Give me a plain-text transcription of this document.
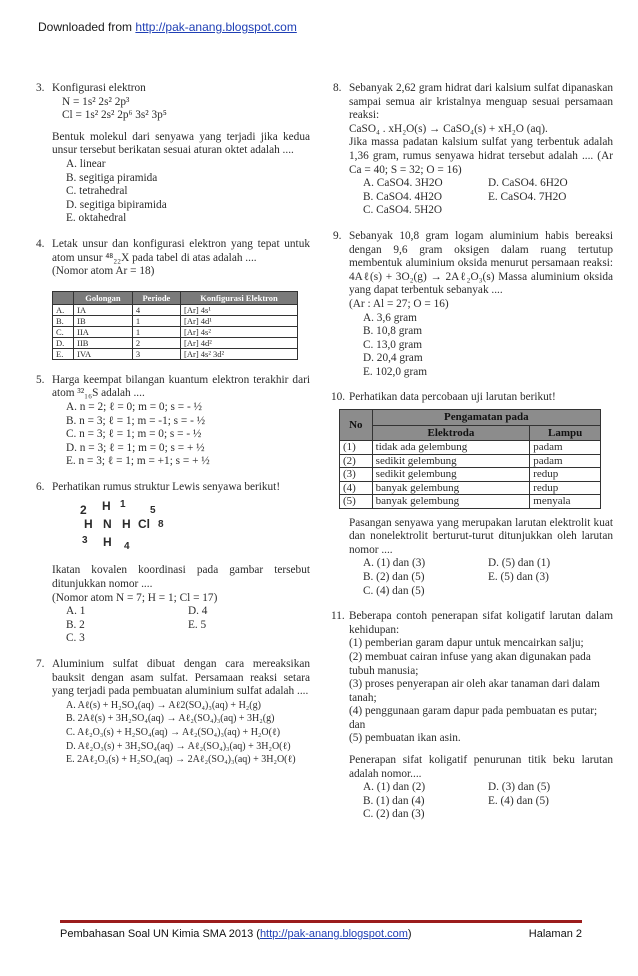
Downloaded from http://pak-anang.blogspot.com
3. Konfigurasi elektron
N = 1s² 2s² 2p³
Cl = 1s² 2s² 2p⁶ 3s² 3p⁵
Bentuk molekul dari senyawa yang terjadi jika kedua unsur tersebut berikatan sesuai aturan oktet adalah ....
A. linear
B. segitiga piramida
C. tetrahedral
D. segitiga bipiramida
E. oktahedral
4. Letak unsur dan konfigurasi elektron yang tepat untuk atom unsur ⁴⁸₂₂X pada tabel di atas adalah ....
(Nomor atom Ar = 18)
	Golongan	Periode	Konfigurasi Elektron
A.	IA	4	[Ar] 4s¹
B.	IB	1	[Ar] 4d¹
C.	IIA	1	[Ar] 4s²
D.	IIB	2	[Ar] 4d²
E.	IVA	3	[Ar] 4s² 3d²
5. Harga keempat bilangan kuantum elektron terakhir dari atom ³²₁₆S adalah ....
A. n = 2; ℓ = 0; m = 0; s = - ½
B. n = 3; ℓ = 1; m = -1; s = - ½
C. n = 3; ℓ = 1; m = 0; s = - ½
D. n = 3; ℓ = 1; m = 0; s = + ½
E. n = 3; ℓ = 1; m = +1; s = + ½
6. Perhatikan rumus struktur Lewis senyawa berikut!
2 H 1
5
H N H Cl 8
3 H 4
Ikatan kovalen koordinasi pada gambar tersebut ditunjukkan nomor ....
(Nomor atom N = 7; H = 1; Cl = 17)
A. 1	D. 4
B. 2	E. 5
C. 3
7. Aluminium sulfat dibuat dengan cara mereaksikan bauksit dengan asam sulfat. Persamaan reaksi setara yang terjadi pada pembuatan aluminium sulfat adalah ....
A. Aℓ(s) + H₂SO₄(aq) → Aℓ2(SO₄)₃(aq) + H₂(g)
B. 2Aℓ(s) + 3H₂SO₄(aq) → Aℓ₂(SO₄)₃(aq) + 3H₂(g)
C. Aℓ₂O₃(s) + H₂SO₄(aq) → Aℓ₂(SO₄)₃(aq) + H₂O(ℓ)
D. Aℓ₂O₃(s) + 3H₂SO₄(aq) → Aℓ₂(SO₄)₃(aq) + 3H₂O(ℓ)
E. 2Aℓ₂O₃(s) + H₂SO₄(aq) → 2Aℓ₂(SO₄)₃(aq) + 3H₂O(ℓ)
8. Sebanyak 2,62 gram hidrat dari kalsium sulfat dipanaskan sampai semua air kristalnya menguap sesuai persamaan reaksi:
CaSO₄ . xH₂O(s) → CaSO₄(s) + xH₂O (aq).
Jika massa padatan kalsium sulfat yang terbentuk adalah 1,36 gram, rumus senyawa hidrat tersebut adalah .... (Ar Ca = 40; S = 32; O = 16)
A. CaSO4. 3H2O	D. CaSO4. 6H2O
B. CaSO4. 4H2O	E. CaSO4. 7H2O
C. CaSO4. 5H2O
9. Sebanyak 10,8 gram logam aluminium habis bereaksi dengan 9,6 gram oksigen dalam ruang tertutup membentuk aluminium oksida menurut persamaan reaksi: 4Aℓ(s) + 3O₂(g) → 2Aℓ₂O₃(s) Massa aluminium oksida yang dapat terbentuk sebanyak ....
(Ar : Al = 27; O = 16)
A. 3,6 gram
B. 10,8 gram
C. 13,0 gram
D. 20,4 gram
E. 102,0 gram
10. Perhatikan data percobaan uji larutan berikut!
No	Pengamatan pada	
	Elektroda	Lampu
(1)	tidak ada gelembung	padam
(2)	sedikit gelembung	padam
(3)	sedikit gelembung	redup
(4)	banyak gelembung	redup
(5)	banyak gelembung	menyala
Pasangan senyawa yang merupakan larutan elektrolit kuat dan nonelektrolit berturut-turut ditunjukkan oleh larutan nomor ....
A. (1) dan (3)	D. (5) dan (1)
B. (2) dan (5)	E. (5) dan (3)
C. (4) dan (5)
11. Beberapa contoh penerapan sifat koligatif larutan dalam kehidupan:
(1) pemberian garam dapur untuk mencairkan salju;
(2) membuat cairan infuse yang akan digunakan pada tubuh manusia;
(3) proses penyerapan air oleh akar tanaman dari dalam tanah;
(4) penggunaan garam dapur pada pembuatan es putar; dan
(5) pembuatan ikan asin.
Penerapan sifat koligatif penurunan titik beku larutan adalah nomor....
A. (1) dan (2)	D. (3) dan (5)
B. (1) dan (4)	E. (4) dan (5)
C. (2) dan (3)
Pembahasan Soal UN Kimia SMA 2013 (http://pak-anang.blogspot.com)	Halaman 2
